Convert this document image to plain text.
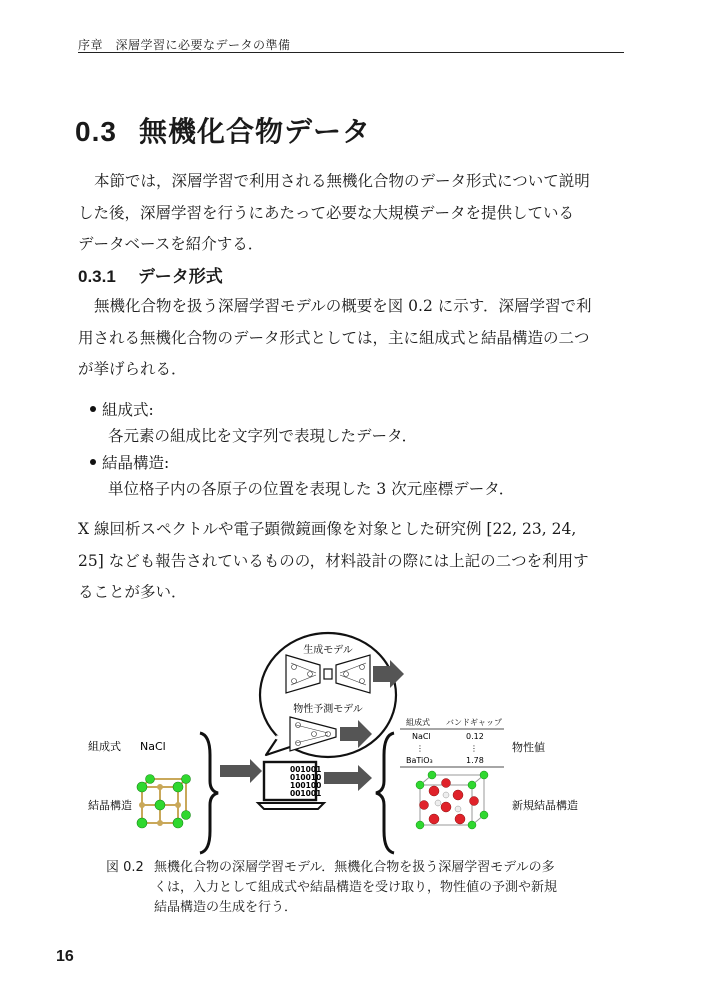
序章　深層学習に必要なデータの準備
0.3 無機化合物データ
本節では，深層学習で利用される無機化合物のデータ形式について説明
した後，深層学習を行うにあたって必要な大規模データを提供している
データベースを紹介する．
0.3.1 データ形式
無機化合物を扱う深層学習モデルの概要を図 0.2 に示す．深層学習で利
用される無機化合物のデータ形式としては，主に組成式と結晶構造の二つ
が挙げられる．
組成式:
各元素の組成比を文字列で表現したデータ．
結晶構造:
単位格子内の各原子の位置を表現した 3 次元座標データ．
X 線回析スペクトルや電子顕微鏡画像を対象とした研究例 [22, 23, 24,
25] なども報告されているものの，材料設計の際には上記の二つを利用す
ることが多い．
生成モデル
物性予測モデル
組成式 NaCl
結晶構造
001001
010010
100100
001001
組成式 バンドギャップ
NaCl	0.12
⋮	⋮
BaTiO₃	1.78
物性値
新規結晶構造
図 0.2 無機化合物の深層学習モデル．無機化合物を扱う深層学習モデルの多
くは，入力として組成式や結晶構造を受け取り，物性値の予測や新規
結晶構造の生成を行う．
16
